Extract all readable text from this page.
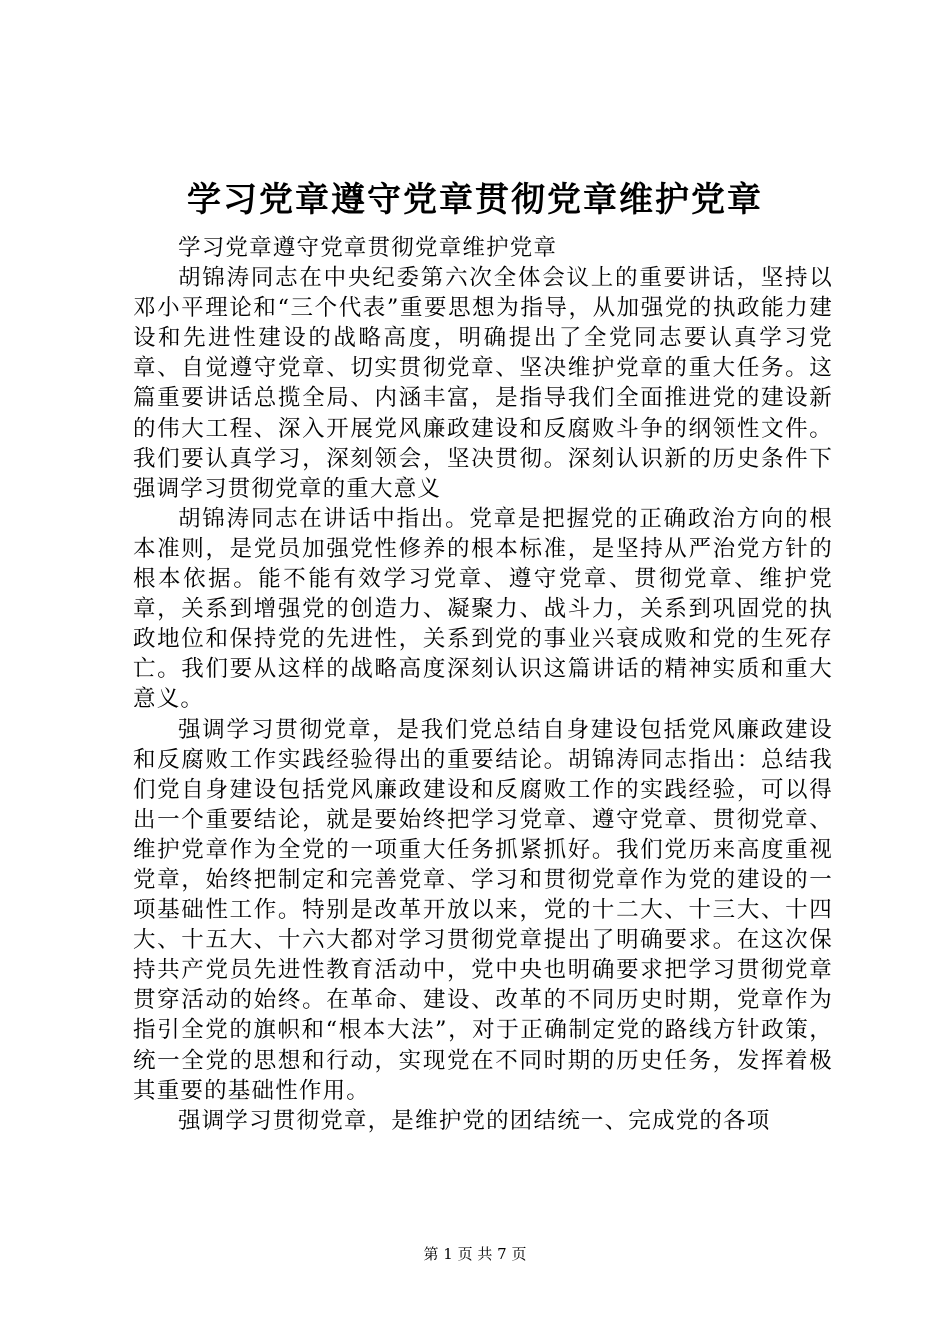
学习党章遵守党章贯彻党章维护党章

学习党章遵守党章贯彻党章维护党章

胡锦涛同志在中央纪委第六次全体会议上的重要讲话，坚持以邓小平理论和“三个代表”重要思想为指导，从加强党的执政能力建设和先进性建设的战略高度，明确提出了全党同志要认真学习党章、自觉遵守党章、切实贯彻党章、坚决维护党章的重大任务。这篇重要讲话总揽全局、内涵丰富，是指导我们全面推进党的建设新的伟大工程、深入开展党风廉政建设和反腐败斗争的纲领性文件。我们要认真学习，深刻领会，坚决贯彻。深刻认识新的历史条件下强调学习贯彻党章的重大意义

胡锦涛同志在讲话中指出。党章是把握党的正确政治方向的根本准则，是党员加强党性修养的根本标准，是坚持从严治党方针的根本依据。能不能有效学习党章、遵守党章、贯彻党章、维护党章，关系到增强党的创造力、凝聚力、战斗力，关系到巩固党的执政地位和保持党的先进性，关系到党的事业兴衰成败和党的生死存亡。我们要从这样的战略高度深刻认识这篇讲话的精神实质和重大意义。

强调学习贯彻党章，是我们党总结自身建设包括党风廉政建设和反腐败工作实践经验得出的重要结论。胡锦涛同志指出：总结我们党自身建设包括党风廉政建设和反腐败工作的实践经验，可以得出一个重要结论，就是要始终把学习党章、遵守党章、贯彻党章、维护党章作为全党的一项重大任务抓紧抓好。我们党历来高度重视党章，始终把制定和完善党章、学习和贯彻党章作为党的建设的一项基础性工作。特别是改革开放以来，党的十二大、十三大、十四大、十五大、十六大都对学习贯彻党章提出了明确要求。在这次保持共产党员先进性教育活动中，党中央也明确要求把学习贯彻党章贯穿活动的始终。在革命、建设、改革的不同历史时期，党章作为指引全党的旗帜和“根本大法”，对于正确制定党的路线方针政策，统一全党的思想和行动，实现党在不同时期的历史任务，发挥着极其重要的基础性作用。

强调学习贯彻党章，是维护党的团结统一、完成党的各项

第 1 页 共 7 页
